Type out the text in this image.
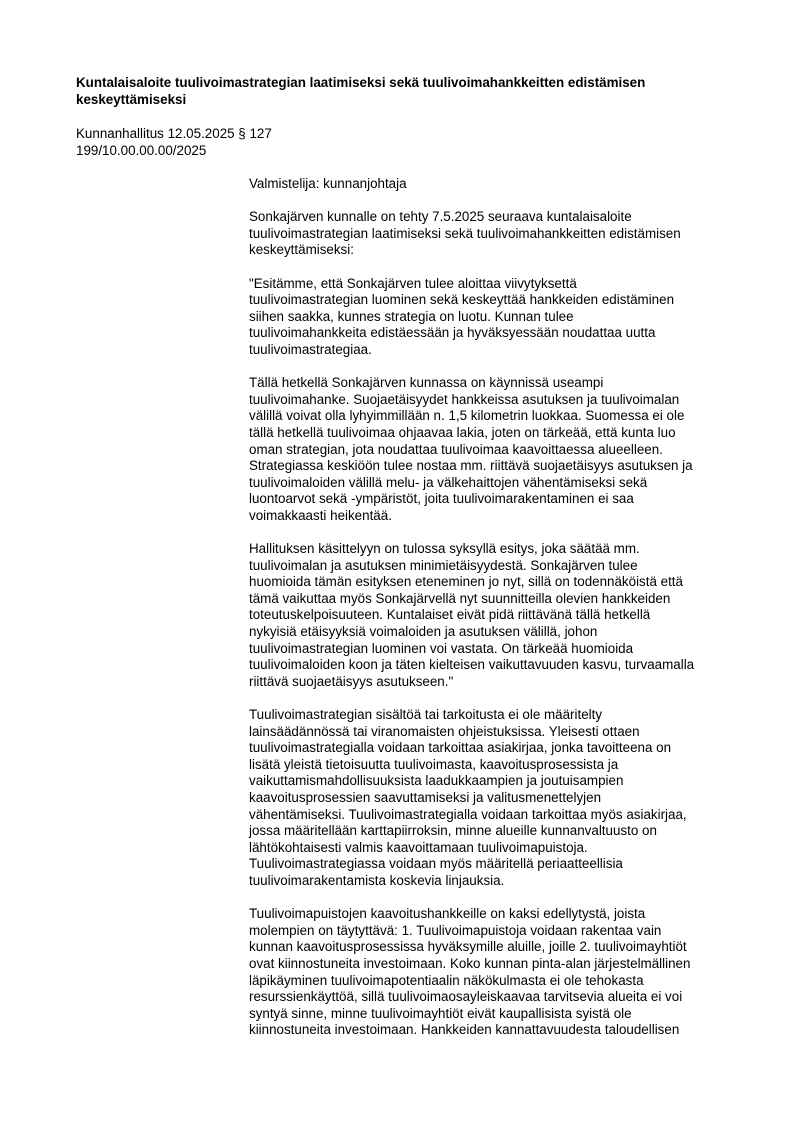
Kuntalaisaloite tuulivoimastrategian laatimiseksi sekä tuulivoimahankkeitten edistämisen keskeyttämiseksi
Kunnanhallitus 12.05.2025 § 127
199/10.00.00.00/2025

Valmistelija: kunnanjohtaja

Sonkajärven kunnalle on tehty 7.5.2025 seuraava kuntalaisaloite
tuulivoimastrategian laatimiseksi sekä tuulivoimahankkeitten edistämisen
keskeyttämiseksi:

"Esitämme, että Sonkajärven tulee aloittaa viivytyksettä
tuulivoimastrategian luominen sekä keskeyttää hankkeiden edistäminen
siihen saakka, kunnes strategia on luotu. Kunnan tulee
tuulivoimahankkeita edistäessään ja hyväksyessään noudattaa uutta
tuulivoimastrategiaa.

Tällä hetkellä Sonkajärven kunnassa on käynnissä useampi
tuulivoimahanke. Suojaetäisyydet hankkeissa asutuksen ja tuulivoimalan
välillä voivat olla lyhyimmillään n. 1,5 kilometrin luokkaa. Suomessa ei ole
tällä hetkellä tuulivoimaa ohjaavaa lakia, joten on tärkeää, että kunta luo
oman strategian, jota noudattaa tuulivoimaa kaavoittaessa alueelleen.
Strategiassa keskiöön tulee nostaa mm. riittävä suojaetäisyys asutuksen ja
tuulivoimaloiden välillä melu- ja välkehaittojen vähentämiseksi sekä
luontoarvot sekä -ympäristöt, joita tuulivoimarakentaminen ei saa
voimakkaasti heikentää.

Hallituksen käsittelyyn on tulossa syksyllä esitys, joka säätää mm.
tuulivoimalan ja asutuksen minimietäisyydestä. Sonkajärven tulee
huomioida tämän esityksen eteneminen jo nyt, sillä on todennäköistä että
tämä vaikuttaa myös Sonkajärvellä nyt suunnitteilla olevien hankkeiden
toteutuskelpoisuuteen. Kuntalaiset eivät pidä riittävänä tällä hetkellä
nykyisiä etäisyyksiä voimaloiden ja asutuksen välillä, johon
tuulivoimastrategian luominen voi vastata. On tärkeää huomioida
tuulivoimaloiden koon ja täten kielteisen vaikuttavuuden kasvu, turvaamalla
riittävä suojaetäisyys asutukseen."

Tuulivoimastrategian sisältöä tai tarkoitusta ei ole määritelty
lainsäädännössä tai viranomaisten ohjeistuksissa. Yleisesti ottaen
tuulivoimastrategialla voidaan tarkoittaa asiakirjaa, jonka tavoitteena on
lisätä yleistä tietoisuutta tuulivoimasta, kaavoitusprosessista ja
vaikuttamismahdollisuuksista laadukkaampien ja joutuisampien
kaavoitusprosessien saavuttamiseksi ja valitusmenettelyjen
vähentämiseksi. Tuulivoimastrategialla voidaan tarkoittaa myös asiakirjaa,
jossa määritellään karttapiirroksin, minne alueille kunnanvaltuusto on
lähtökohtaisesti valmis kaavoittamaan tuulivoimapuistoja.
Tuulivoimastrategiassa voidaan myös määritellä periaatteellisia
tuulivoimarakentamista koskevia linjauksia.

Tuulivoimapuistojen kaavoitushankkeille on kaksi edellytystä, joista
molempien on täytyttävä: 1. Tuulivoimapuistoja voidaan rakentaa vain
kunnan kaavoitusprosessissa hyväksymille aluille, joille 2. tuulivoimayhtiöt
ovat kiinnostuneita investoimaan. Koko kunnan pinta-alan järjestelmällinen
läpikäyminen tuulivoimapotentiaalin näkökulmasta ei ole tehokasta
resurssienkäyttöä, sillä tuulivoimaosayleiskaavaa tarvitsevia alueita ei voi
syntyä sinne, minne tuulivoimayhtiöt eivät kaupallisista syistä ole
kiinnostuneita investoimaan. Hankkeiden kannattavuudesta taloudellisen
